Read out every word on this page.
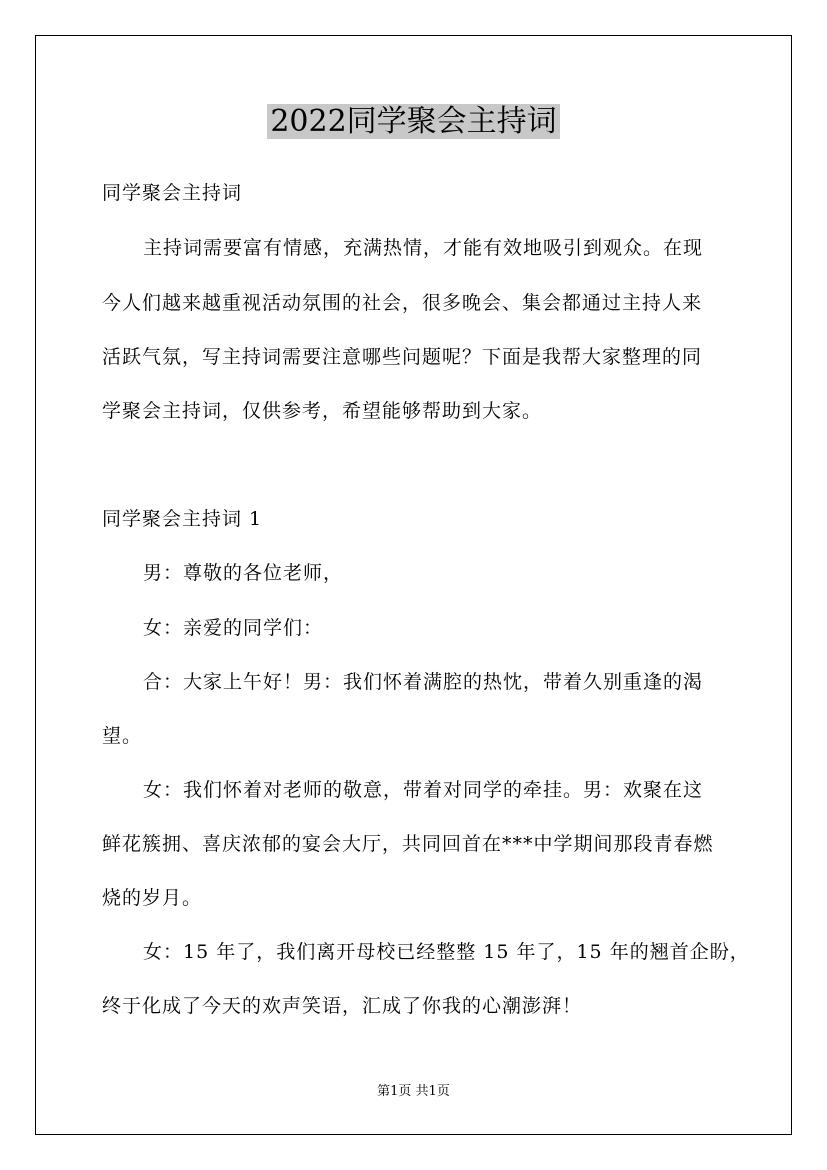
2022同学聚会主持词
同学聚会主持词
主持词需要富有情感，充满热情，才能有效地吸引到观众。在现
今人们越来越重视活动氛围的社会，很多晚会、集会都通过主持人来
活跃气氛，写主持词需要注意哪些问题呢？下面是我帮大家整理的同
学聚会主持词，仅供参考，希望能够帮助到大家。
同学聚会主持词 1
男：尊敬的各位老师，
女：亲爱的同学们：
合：大家上午好！男：我们怀着满腔的热忱，带着久别重逢的渴
望。
女：我们怀着对老师的敬意，带着对同学的牵挂。男：欢聚在这
鲜花簇拥、喜庆浓郁的宴会大厅，共同回首在***中学期间那段青春燃
烧的岁月。
女：15 年了，我们离开母校已经整整 15 年了，15 年的翘首企盼，
终于化成了今天的欢声笑语，汇成了你我的心潮澎湃！
第1页 共1页
